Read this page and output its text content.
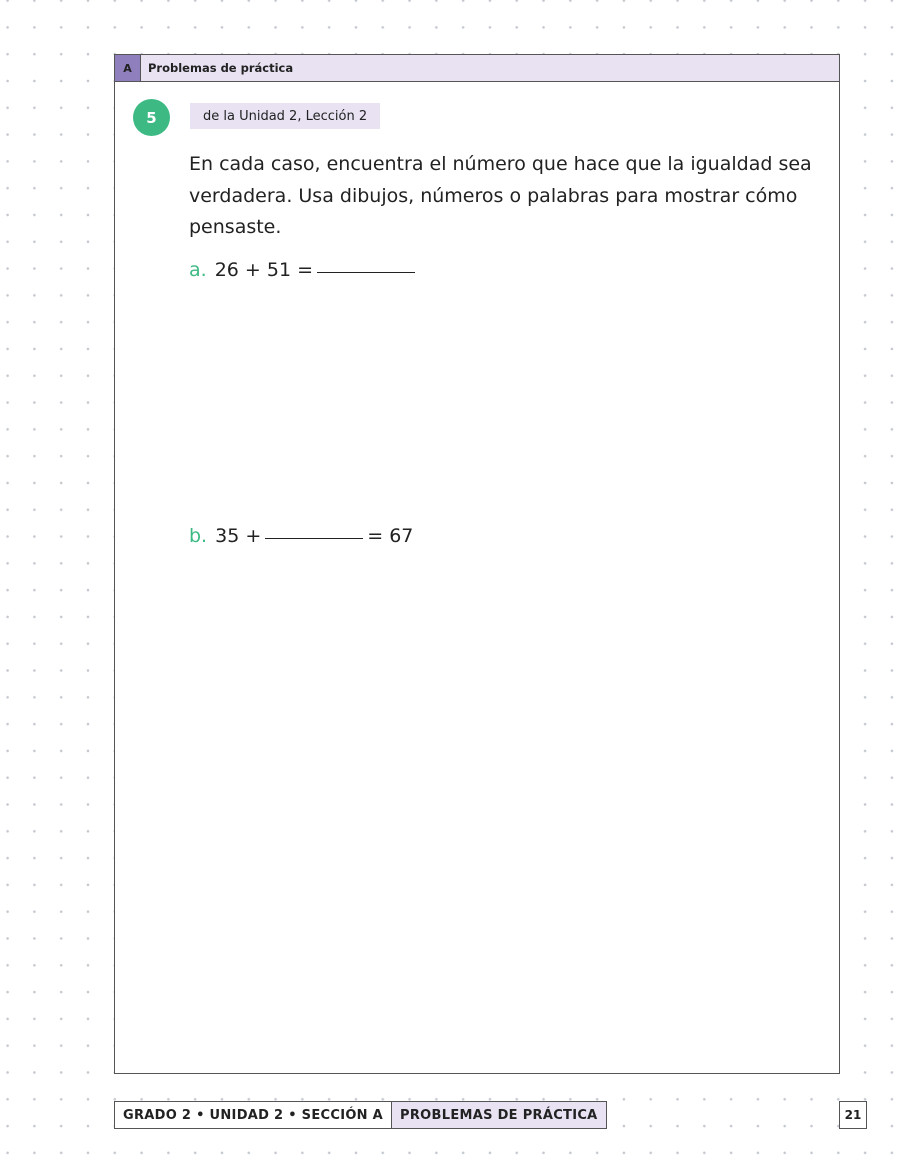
A	Problemas de práctica
5	de la Unidad 2, Lección 2
En cada caso, encuentra el número que hace que la igualdad sea verdadera. Usa dibujos, números o palabras para mostrar cómo pensaste.
a. 26 + 51 =
b. 35 +	= 67
GRADO 2 • UNIDAD 2 • SECCIÓN A	PROBLEMAS DE PRÁCTICA	21
